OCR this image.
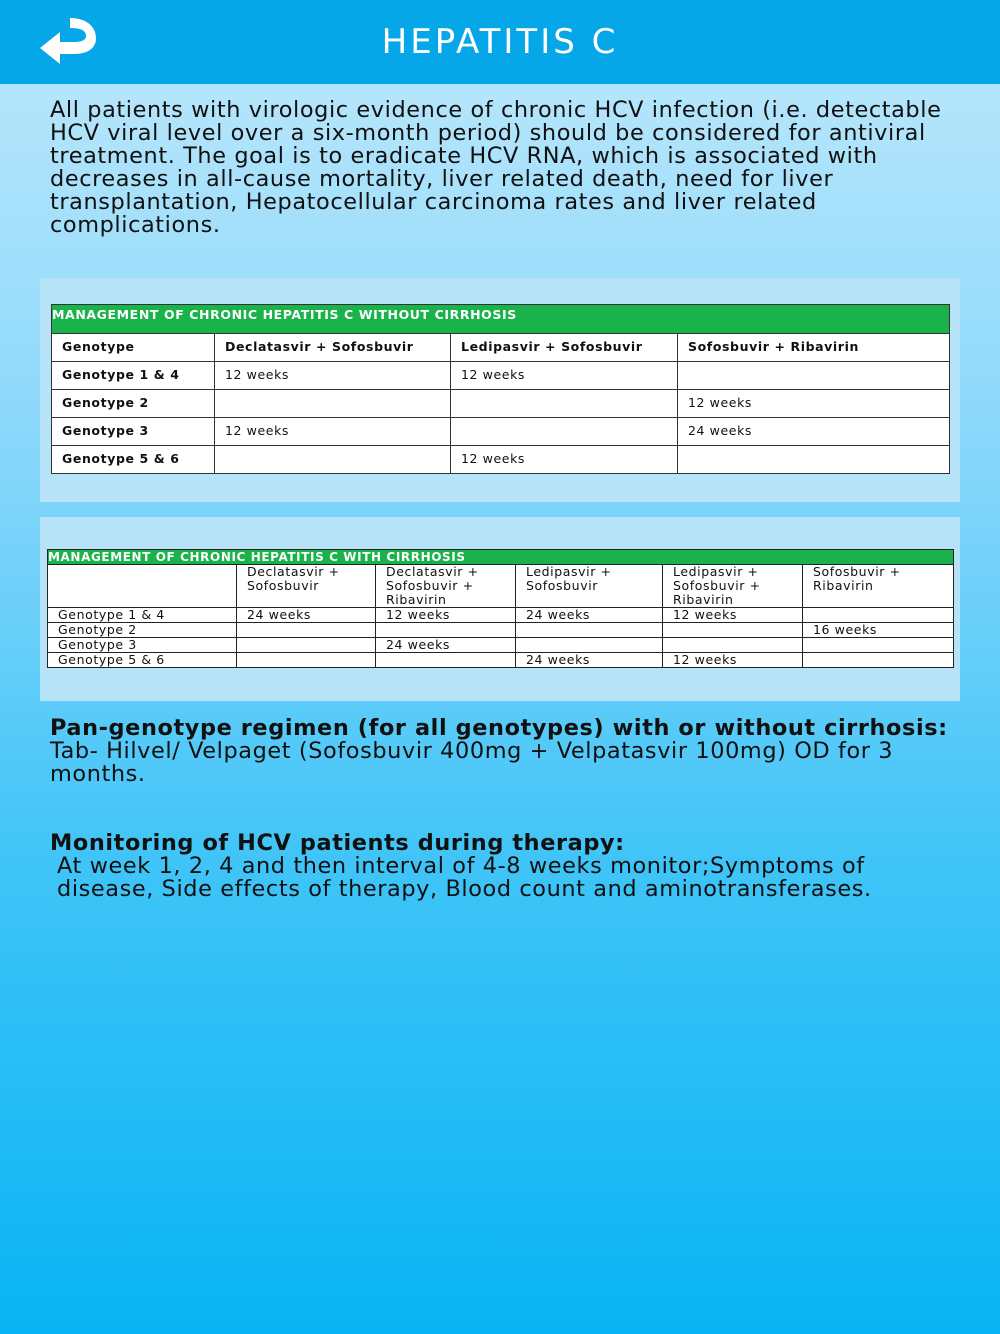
HEPATITIS C

All patients with virologic evidence of chronic HCV infection (i.e. detectable HCV viral level over a six-month period) should be considered for antiviral treatment. The goal is to eradicate HCV RNA, which is associated with decreases in all-cause mortality, liver related death, need for liver transplantation, Hepatocellular carcinoma rates and liver related complications.

MANAGEMENT OF CHRONIC HEPATITIS C WITHOUT CIRRHOSIS			
Genotype	Declatasvir + Sofosbuvir	Ledipasvir + Sofosbuvir	Sofosbuvir + Ribavirin
Genotype 1 & 4	12 weeks	12 weeks	
Genotype 2			12 weeks
Genotype 3	12 weeks		24 weeks
Genotype 5 & 6		12 weeks	
MANAGEMENT OF CHRONIC HEPATITIS C WITH CIRRHOSIS					
	Declatasvir + Sofosbuvir	Declatasvir + Sofosbuvir + Ribavirin	Ledipasvir + Sofosbuvir	Ledipasvir + Sofosbuvir + Ribavirin	Sofosbuvir + Ribavirin
Genotype 1 & 4	24 weeks	12 weeks	24 weeks	12 weeks	
Genotype 2					16 weeks
Genotype 3		24 weeks			
Genotype 5 & 6			24 weeks	12 weeks	
Pan-genotype regimen (for all genotypes) with or without cirrhosis:
Tab- Hilvel/ Velpaget (Sofosbuvir 400mg + Velpatasvir 100mg) OD for 3 months.
Monitoring of HCV patients during therapy:
At week 1, 2, 4 and then interval of 4-8 weeks monitor;Symptoms of disease, Side effects of therapy, Blood count and aminotransferases.
